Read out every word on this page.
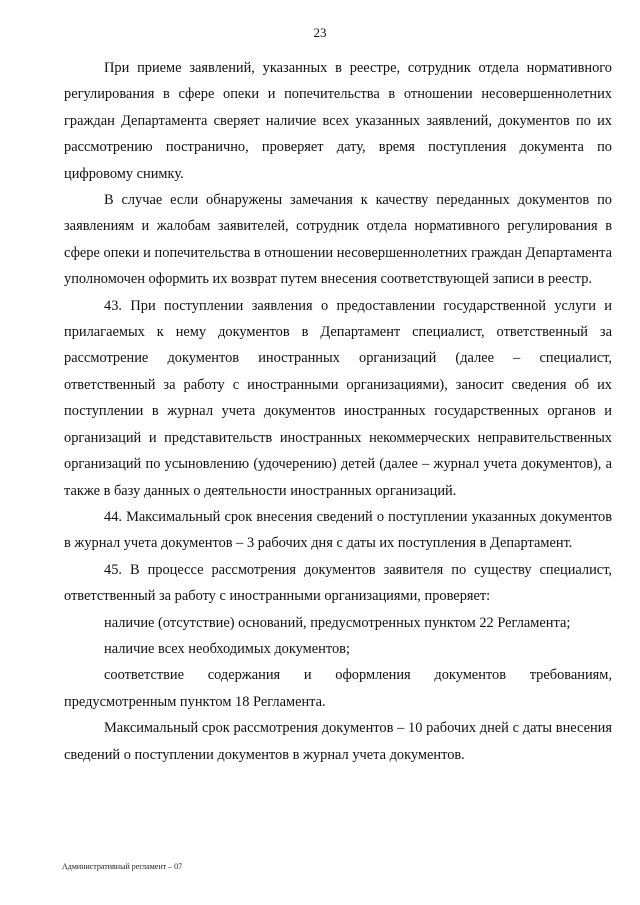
23

При приеме заявлений, указанных в реестре, сотрудник отдела нормативного регулирования в сфере опеки и попечительства в отношении несовершеннолетних граждан Департамента сверяет наличие всех указанных заявлений, документов по их рассмотрению постранично, проверяет дату, время поступления документа по цифровому снимку.

В случае если обнаружены замечания к качеству переданных документов по заявлениям и жалобам заявителей, сотрудник отдела нормативного регулирования в сфере опеки и попечительства в отношении несовершеннолетних граждан Департамента уполномочен оформить их возврат путем внесения соответствующей записи в реестр.

43. При поступлении заявления о предоставлении государственной услуги и прилагаемых к нему документов в Департамент специалист, ответственный за рассмотрение документов иностранных организаций (далее – специалист, ответственный за работу с иностранными организациями), заносит сведения об их поступлении в журнал учета документов иностранных государственных органов и организаций и представительств иностранных некоммерческих неправительственных организаций по усыновлению (удочерению) детей (далее – журнал учета документов), а также в базу данных о деятельности иностранных организаций.

44. Максимальный срок внесения сведений о поступлении указанных документов в журнал учета документов – 3 рабочих дня с даты их поступления в Департамент.

45. В процессе рассмотрения документов заявителя по существу специалист, ответственный за работу с иностранными организациями, проверяет:

наличие (отсутствие) оснований, предусмотренных пунктом 22 Регламента;

наличие всех необходимых документов;

соответствие содержания и оформления документов требованиям, предусмотренным пунктом 18 Регламента.

Максимальный срок рассмотрения документов – 10 рабочих дней с даты внесения сведений о поступлении документов в журнал учета документов.

Административный регламент – 07
